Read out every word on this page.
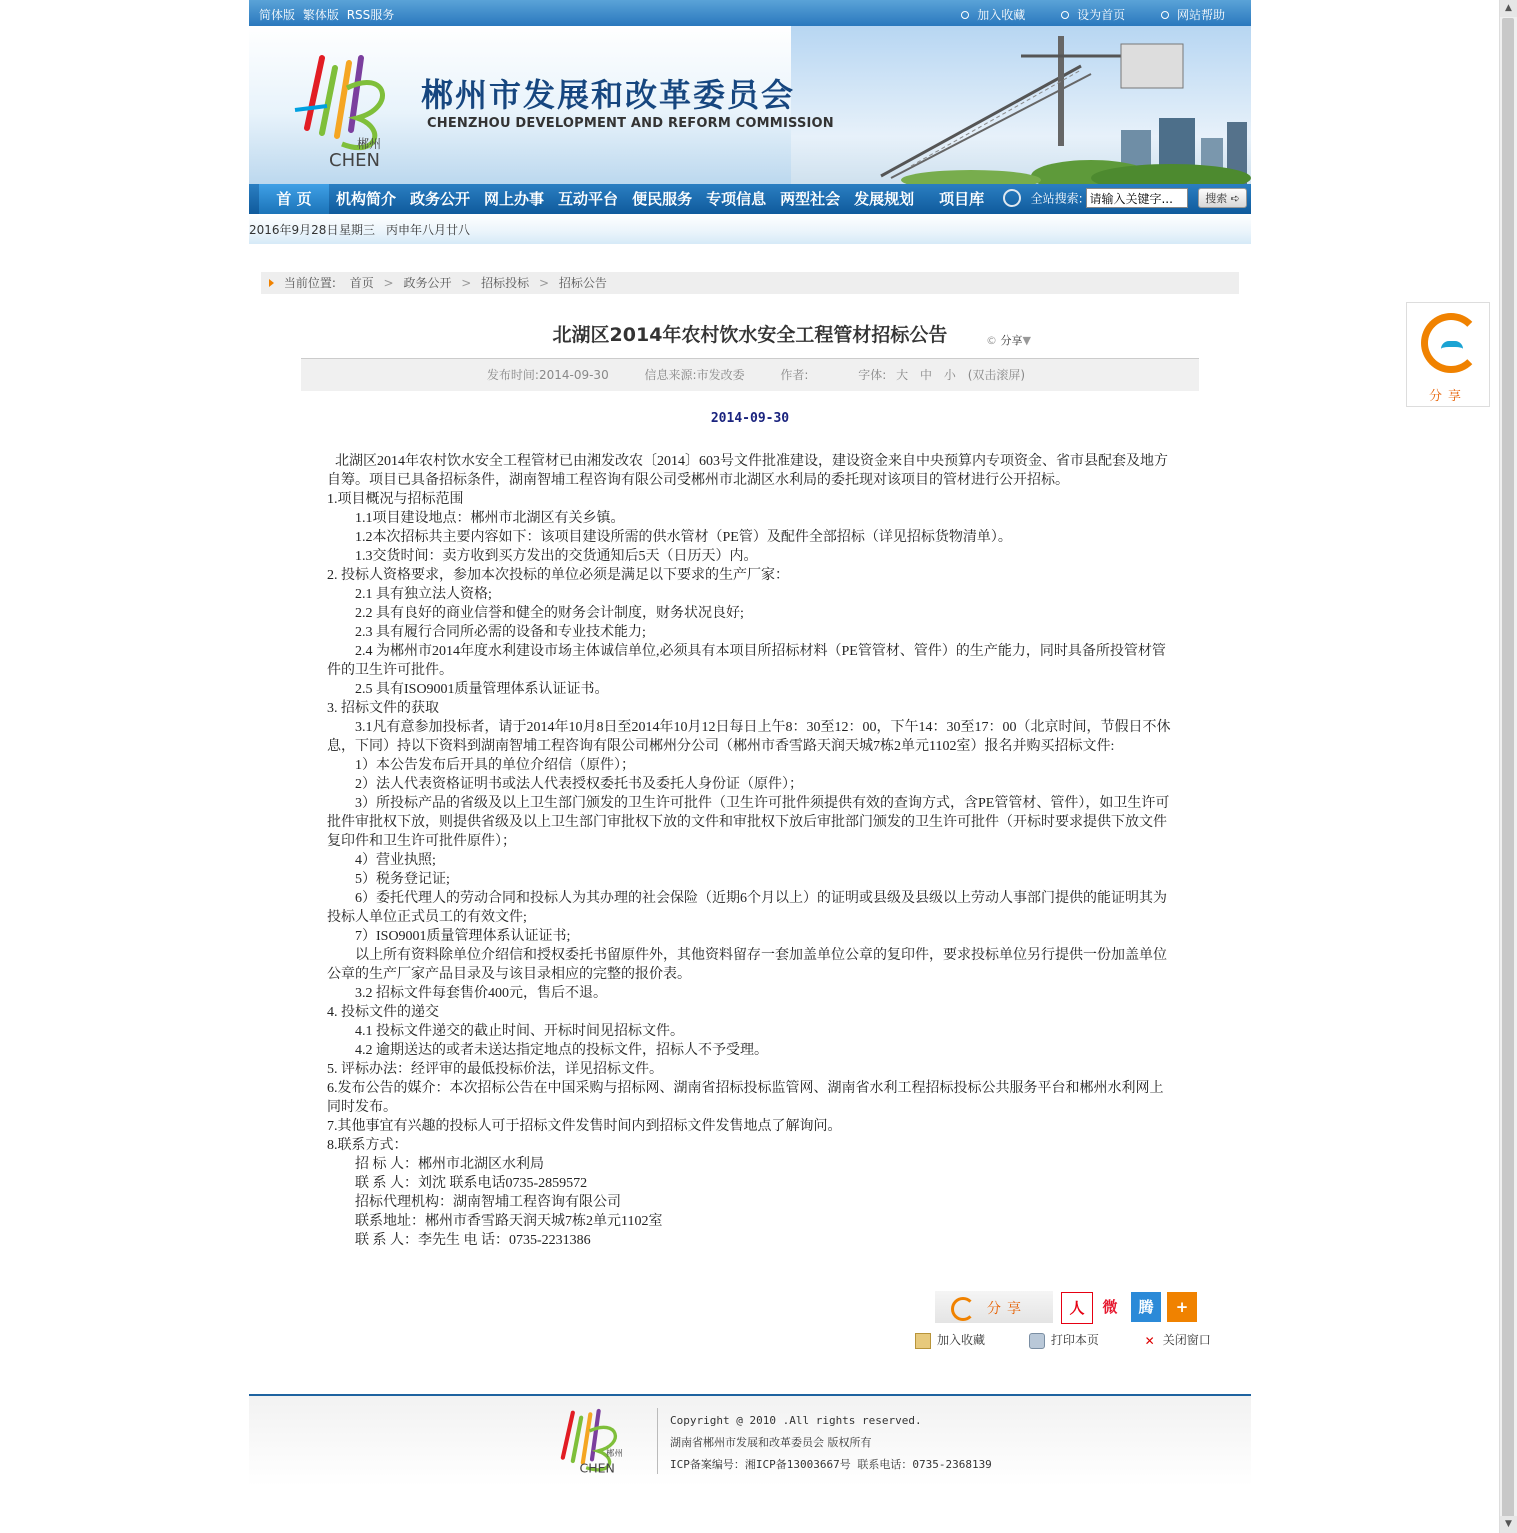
▲
▼
简体版 繁体版 RSS服务	加入收藏	设为首页	网站帮助
郴州
CHEN
郴州市发展和改革委员会
CHENZHOU DEVELOPMENT AND REFORM COMMISSION
首 页	机构简介 政务公开 网上办事 互动平台 便民服务 专项信息 两型社会 发展规划	项目库	全站搜索: 请输入关键字...	搜索 ➪
2016年9月28日 星期三 丙申年八月廿八
当前位置: 首页 > 政务公开 > 招标投标 > 招标公告
北湖区2014年农村饮水安全工程管材招标公告	© 分享▼
发布时间:2014-09-30	信息来源:市发改委	作者:	字体: 大 中 小 (双击滚屏)
2014-09-30

北湖区2014年农村饮水安全工程管材已由湘发改农〔2014〕603号文件批准建设，建设资金来自中央预算内专项资金、省市县配套及地方自筹。项目已具备招标条件，湖南智埔工程咨询有限公司受郴州市北湖区水利局的委托现对该项目的管材进行公开招标。

1.项目概况与招标范围

1.1项目建设地点：郴州市北湖区有关乡镇。

1.2本次招标共主要内容如下：该项目建设所需的供水管材（PE管）及配件全部招标（详见招标货物清单）。

1.3交货时间：卖方收到买方发出的交货通知后5天（日历天）内。

2. 投标人资格要求，参加本次投标的单位必须是满足以下要求的生产厂家：

2.1 具有独立法人资格;

2.2 具有良好的商业信誉和健全的财务会计制度，财务状况良好;

2.3 具有履行合同所必需的设备和专业技术能力;

2.4 为郴州市2014年度水利建设市场主体诚信单位,必须具有本项目所招标材料（PE管管材、管件）的生产能力，同时具备所投管材管件的卫生许可批件。

2.5 具有ISO9001质量管理体系认证证书。

3. 招标文件的获取

3.1凡有意参加投标者，请于2014年10月8日至2014年10月12日每日上午8：30至12：00，下午14：30至17：00（北京时间，节假日不休息，下同）持以下资料到湖南智埔工程咨询有限公司郴州分公司（郴州市香雪路天润天城7栋2单元1102室）报名并购买招标文件:

1）本公告发布后开具的单位介绍信（原件）；

2）法人代表资格证明书或法人代表授权委托书及委托人身份证（原件）；

3）所投标产品的省级及以上卫生部门颁发的卫生许可批件（卫生许可批件须提供有效的查询方式，含PE管管材、管件），如卫生许可批件审批权下放，则提供省级及以上卫生部门审批权下放的文件和审批权下放后审批部门颁发的卫生许可批件（开标时要求提供下放文件复印件和卫生许可批件原件）；

4）营业执照;

5）税务登记证;

6）委托代理人的劳动合同和投标人为其办理的社会保险（近期6个月以上）的证明或县级及县级以上劳动人事部门提供的能证明其为投标人单位正式员工的有效文件;

7）ISO9001质量管理体系认证证书;

以上所有资料除单位介绍信和授权委托书留原件外，其他资料留存一套加盖单位公章的复印件，要求投标单位另行提供一份加盖单位公章的生产厂家产品目录及与该目录相应的完整的报价表。

3.2 招标文件每套售价400元，售后不退。

4. 投标文件的递交

4.1 投标文件递交的截止时间、开标时间见招标文件。

4.2 逾期送达的或者未送达指定地点的投标文件，招标人不予受理。

5. 评标办法：经评审的最低投标价法，详见招标文件。

6.发布公告的媒介：本次招标公告在中国采购与招标网、湖南省招标投标监管网、湖南省水利工程招标投标公共服务平台和郴州水利网上同时发布。

7.其他事宜有兴趣的投标人可于招标文件发售时间内到招标文件发售地点了解询问。

8.联系方式：

招 标 人：郴州市北湖区水利局

联 系 人：刘沈 联系电话0735-2859572

招标代理机构：湖南智埔工程咨询有限公司

联系地址：郴州市香雪路天润天城7栋2单元1102室

联 系 人：李先生 电 话：0735-2231386

分享	人	微	腾	+
加入收藏	打印本页	✕ 关闭窗口
郴州
CHEN
Copyright @ 2010 .All rights reserved.
湖南省郴州市发展和改革委员会 版权所有
ICP备案编号：湘ICP备13003667号 联系电话：0735-2368139
分享
